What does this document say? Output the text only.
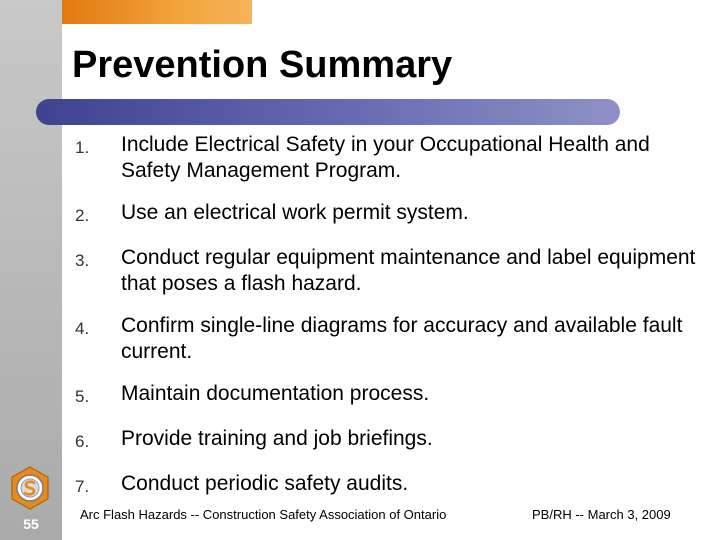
Prevention Summary
1.	Include Electrical Safety in your Occupational Health and Safety Management Program.
2.	Use an electrical work permit system.
3.	Conduct regular equipment maintenance and label equipment that poses a flash hazard.
4.	Confirm single-line diagrams for accuracy and available fault current.
5.	Maintain documentation process.
6.	Provide training and job briefings.
7.	Conduct periodic safety audits.
55
Arc Flash Hazards -- Construction Safety Association of Ontario	PB/RH -- March 3, 2009
